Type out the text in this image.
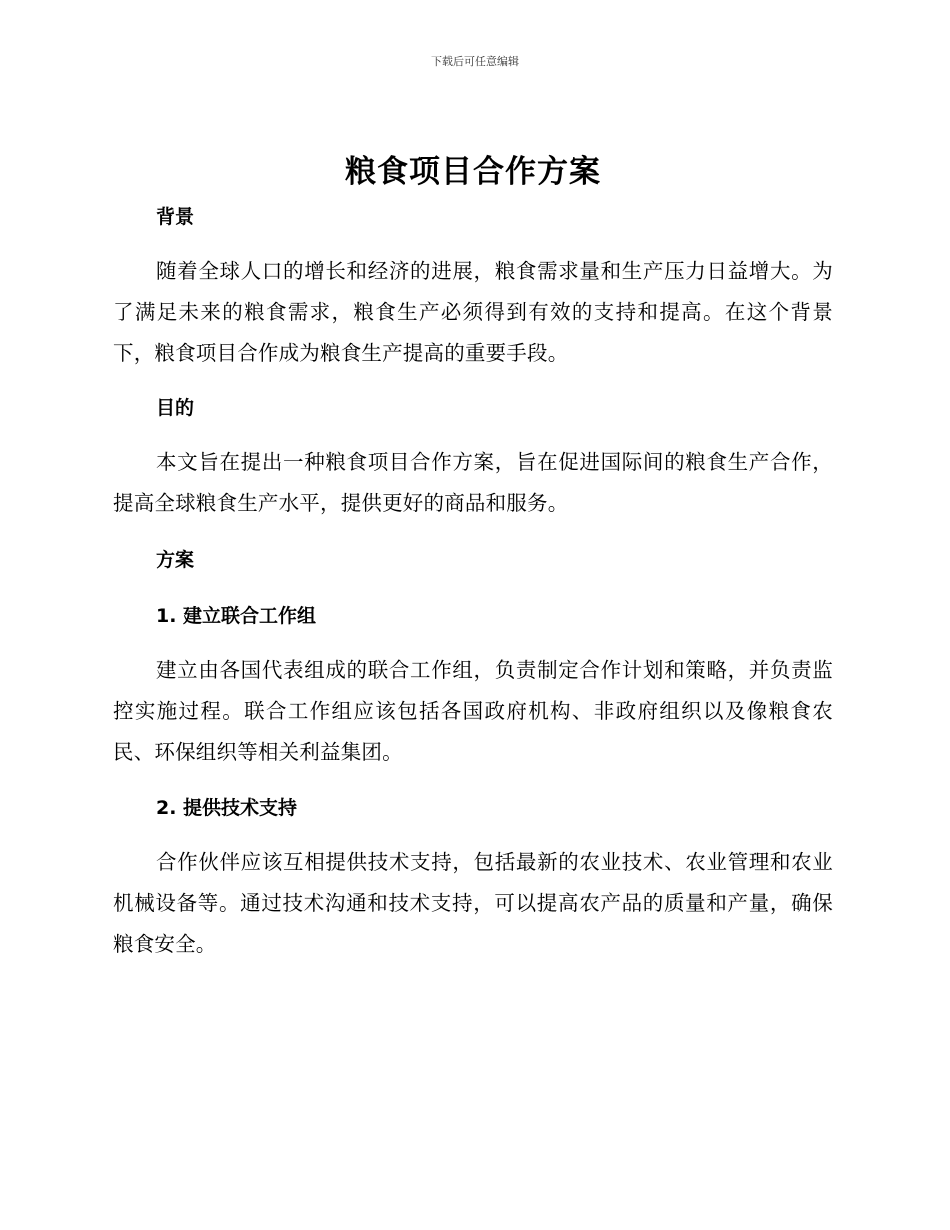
下载后可任意编辑
粮食项目合作方案
背景

随着全球人口的增长和经济的进展，粮食需求量和生产压力日益增大。为了满足未来的粮食需求，粮食生产必须得到有效的支持和提高。在这个背景下，粮食项目合作成为粮食生产提高的重要手段。

目的

本文旨在提出一种粮食项目合作方案，旨在促进国际间的粮食生产合作，提高全球粮食生产水平，提供更好的商品和服务。

方案
1. 建立联合工作组

建立由各国代表组成的联合工作组，负责制定合作计划和策略，并负责监控实施过程。联合工作组应该包括各国政府机构、非政府组织以及像粮食农民、环保组织等相关利益集团。

2. 提供技术支持

合作伙伴应该互相提供技术支持，包括最新的农业技术、农业管理和农业机械设备等。通过技术沟通和技术支持，可以提高农产品的质量和产量，确保粮食安全。
